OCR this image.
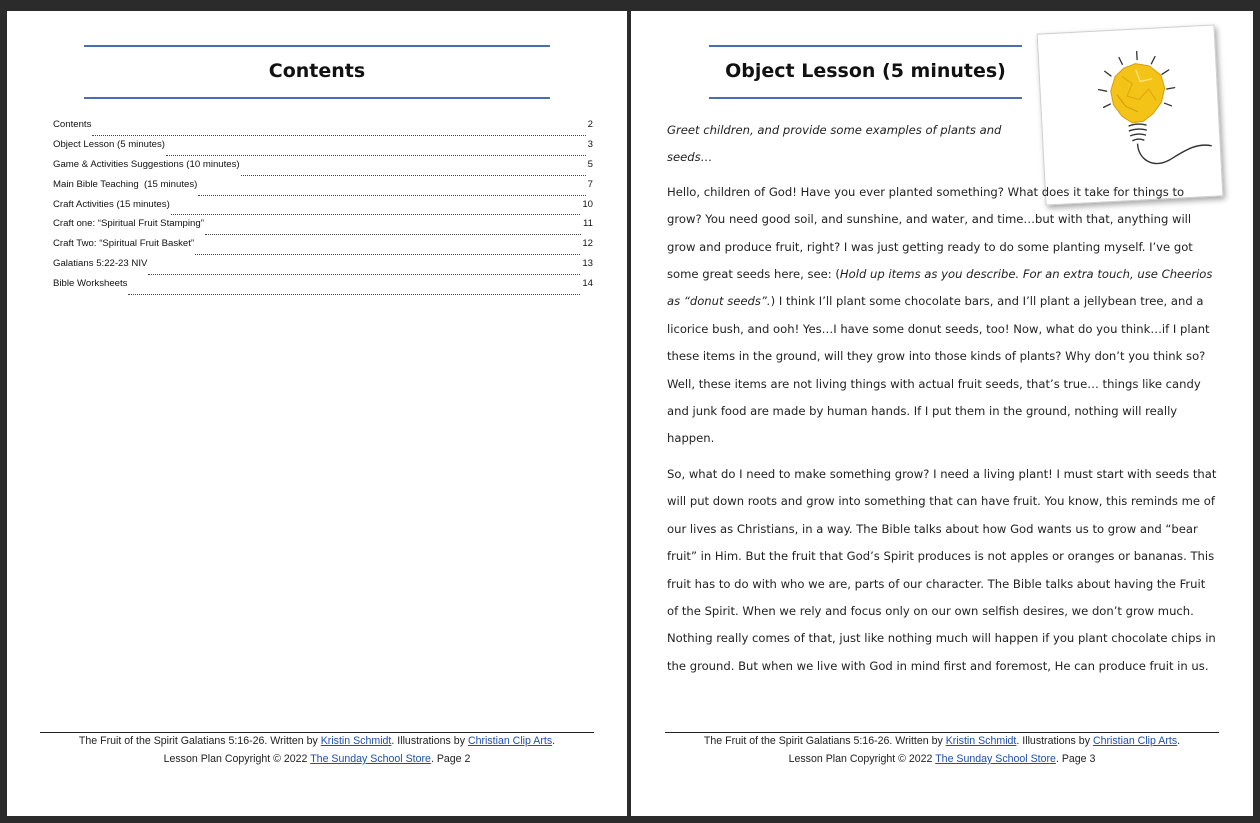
Contents
Contents	2
Object Lesson (5 minutes)	3
Game & Activities Suggestions (10 minutes)	5
Main Bible Teaching  (15 minutes)	7
Craft Activities (15 minutes)	10
Craft one: “Spiritual Fruit Stamping”	11
Craft Two: “Spiritual Fruit Basket”	12
Galatians 5:22-23 NIV	13
Bible Worksheets	14
The Fruit of the Spirit Galatians 5:16-26. Written by Kristin Schmidt. Illustrations by Christian Clip Arts.
Lesson Plan Copyright © 2022 The Sunday School Store. Page 2
Object Lesson (5 minutes)

Greet children, and provide some examples of plants and seeds…

Hello, children of God! Have you ever planted something? What does it take for things to grow? You need good soil, and sunshine, and water, and time…but with that, anything will grow and produce fruit, right? I was just getting ready to do some planting myself. I’ve got some great seeds here, see: (Hold up items as you describe. For an extra touch, use Cheerios as “donut seeds”.) I think I’ll plant some chocolate bars, and I’ll plant a jellybean tree, and a licorice bush, and ooh! Yes…I have some donut seeds, too! Now, what do you think…if I plant these items in the ground, will they grow into those kinds of plants? Why don’t you think so? Well, these items are not living things with actual fruit seeds, that’s true… things like candy and junk food are made by human hands. If I put them in the ground, nothing will really happen.

So, what do I need to make something grow? I need a living plant! I must start with seeds that will put down roots and grow into something that can have fruit. You know, this reminds me of our lives as Christians, in a way. The Bible talks about how God wants us to grow and “bear fruit” in Him. But the fruit that God’s Spirit produces is not apples or oranges or bananas. This fruit has to do with who we are, parts of our character. The Bible talks about having the Fruit of the Spirit. When we rely and focus only on our own selfish desires, we don’t grow much. Nothing really comes of that, just like nothing much will happen if you plant chocolate chips in the ground. But when we live with God in mind first and foremost, He can produce fruit in us.

The Fruit of the Spirit Galatians 5:16-26. Written by Kristin Schmidt. Illustrations by Christian Clip Arts.
Lesson Plan Copyright © 2022 The Sunday School Store. Page 3
